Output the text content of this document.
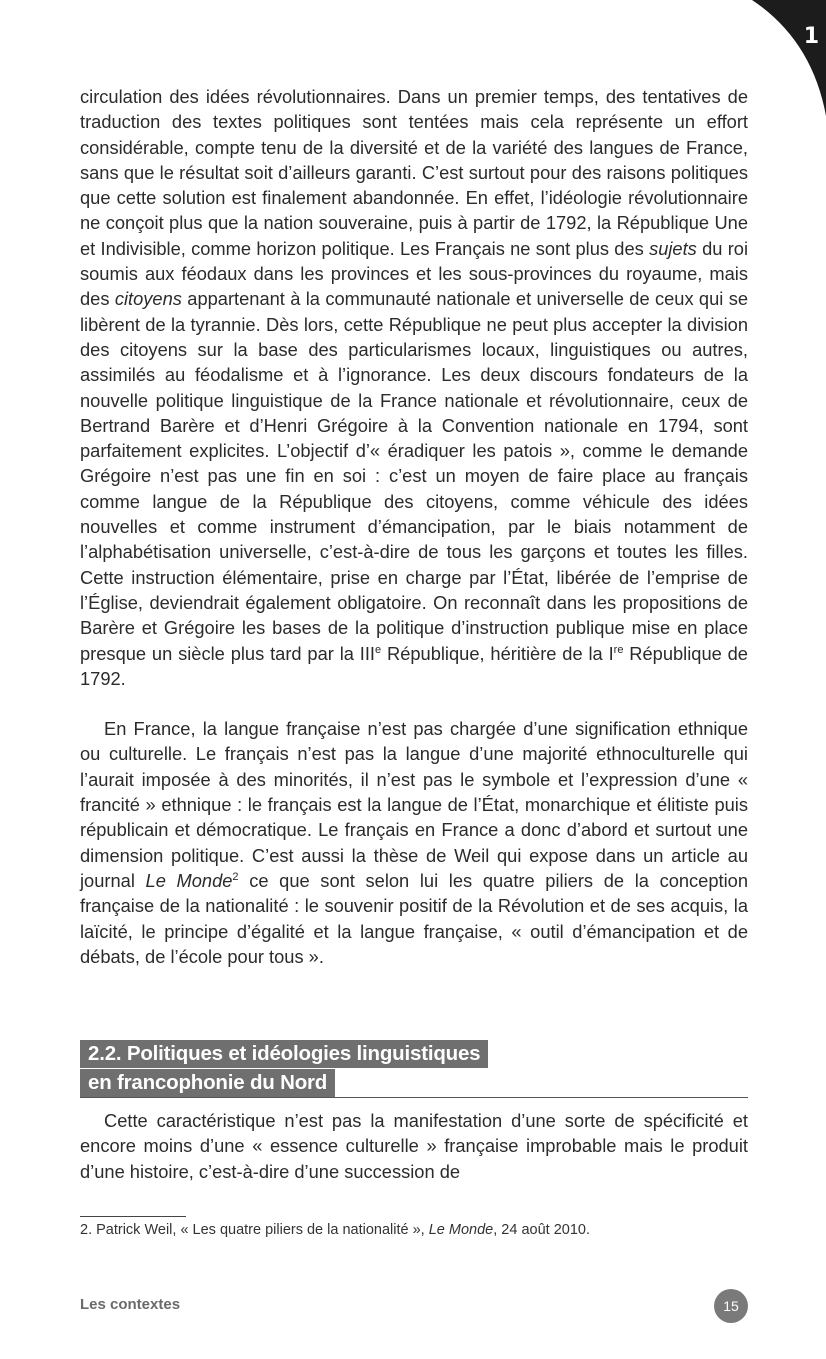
1

circulation des idées révolutionnaires. Dans un premier temps, des tentatives de traduction des textes politiques sont tentées mais cela représente un effort considérable, compte tenu de la diversité et de la variété des langues de France, sans que le résultat soit d’ailleurs garanti. C’est surtout pour des raisons politiques que cette solution est finalement abandonnée. En effet, l’idéologie révolutionnaire ne conçoit plus que la nation souveraine, puis à partir de 1792, la République Une et Indivisible, comme horizon politique. Les Français ne sont plus des sujets du roi soumis aux féodaux dans les provinces et les sous-provinces du royaume, mais des citoyens appartenant à la communauté nationale et universelle de ceux qui se libèrent de la tyrannie. Dès lors, cette République ne peut plus accepter la division des citoyens sur la base des particularismes locaux, linguistiques ou autres, assimilés au féodalisme et à l’ignorance. Les deux discours fondateurs de la nouvelle politique linguistique de la France nationale et révolutionnaire, ceux de Bertrand Barère et d’Henri Grégoire à la Convention nationale en 1794, sont parfaitement explicites. L’objectif d’« éradiquer les patois », comme le demande Grégoire n’est pas une fin en soi : c’est un moyen de faire place au français comme langue de la République des citoyens, comme véhicule des idées nouvelles et comme instrument d’émancipation, par le biais notamment de l’alphabétisation universelle, c’est-à-dire de tous les garçons et toutes les filles. Cette instruction élémentaire, prise en charge par l’État, libérée de l’emprise de l’Église, deviendrait également obligatoire. On reconnaît dans les propositions de Barère et Grégoire les bases de la politique d’instruction publique mise en place presque un siècle plus tard par la IIIe République, héritière de la Ire République de 1792.

En France, la langue française n’est pas chargée d’une signification ethnique ou culturelle. Le français n’est pas la langue d’une majorité ethnoculturelle qui l’aurait imposée à des minorités, il n’est pas le symbole et l’expression d’une « francité » ethnique : le français est la langue de l’État, monarchique et élitiste puis républicain et démocratique. Le français en France a donc d’abord et surtout une dimension politique. C’est aussi la thèse de Weil qui expose dans un article au journal Le Monde$^2$ ce que sont selon lui les quatre piliers de la conception française de la nationalité : le souvenir positif de la Révolution et de ses acquis, la laïcité, le principe d’égalité et la langue française, « outil d’émancipation et de débats, de l’école pour tous ».

2.2. Politiques et idéologies linguistiques
en francophonie du Nord

Cette caractéristique n’est pas la manifestation d’une sorte de spécificité et encore moins d’une « essence culturelle » française improbable mais le produit d’une histoire, c’est-à-dire d’une succession de

2. Patrick Weil, « Les quatre piliers de la nationalité », Le Monde, 24 août 2010.
Les contextes	15
